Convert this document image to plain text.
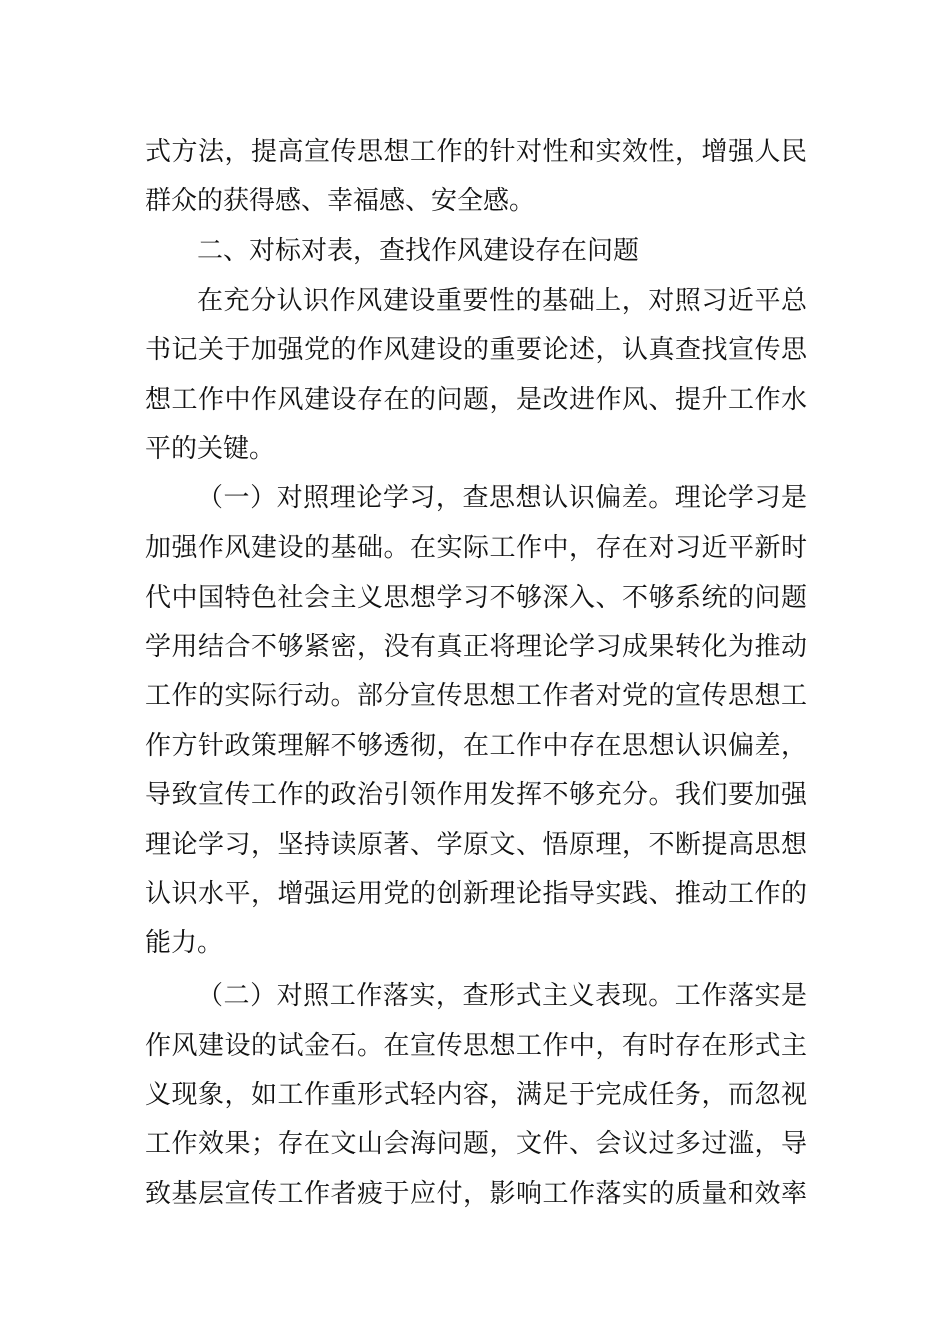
式方法，提高宣传思想工作的针对性和实效性，增强人民
群众的获得感、幸福感、安全感。
二、对标对表，查找作风建设存在问题
在充分认识作风建设重要性的基础上，对照习近平总
书记关于加强党的作风建设的重要论述，认真查找宣传思
想工作中作风建设存在的问题，是改进作风、提升工作水
平的关键。
（一）对照理论学习，查思想认识偏差。理论学习是
加强作风建设的基础。在实际工作中，存在对习近平新时
代中国特色社会主义思想学习不够深入、不够系统的问题
学用结合不够紧密，没有真正将理论学习成果转化为推动
工作的实际行动。部分宣传思想工作者对党的宣传思想工
作方针政策理解不够透彻，在工作中存在思想认识偏差，
导致宣传工作的政治引领作用发挥不够充分。我们要加强
理论学习，坚持读原著、学原文、悟原理，不断提高思想
认识水平，增强运用党的创新理论指导实践、推动工作的
能力。
（二）对照工作落实，查形式主义表现。工作落实是
作风建设的试金石。在宣传思想工作中，有时存在形式主
义现象，如工作重形式轻内容，满足于完成任务，而忽视
工作效果；存在文山会海问题，文件、会议过多过滥，导
致基层宣传工作者疲于应付，影响工作落实的质量和效率
